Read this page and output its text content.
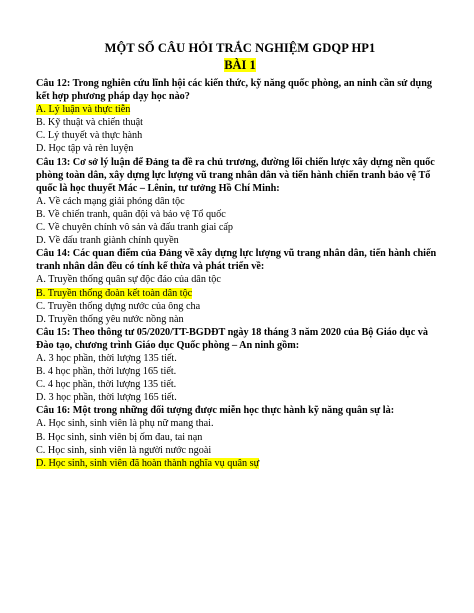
MỘT SỐ CÂU HỎI TRẮC NGHIỆM GDQP HP1

BÀI 1

Câu 12: Trong nghiên cứu lĩnh hội các kiến thức, kỹ năng quốc phòng, an ninh cần sử dụng kết hợp phương pháp dạy học nào?

A. Lý luận và thực tiễn

B. Kỹ thuật và chiến thuật

C. Lý thuyết và thực hành

D. Học tập và rèn luyện

Câu 13: Cơ sở lý luận để Đảng ta đề ra chủ trương, đường lối chiến lược xây dựng nền quốc phòng toàn dân, xây dựng lực lượng vũ trang nhân dân và tiến hành chiến tranh bảo vệ Tổ quốc là học thuyết Mác – Lênin, tư tưởng Hồ Chí Minh:

A. Về cách mạng giải phóng dân tộc

B. Về chiến tranh, quân đội và bảo vệ Tổ quốc

C. Về chuyên chính vô sản và đấu tranh giai cấp

D. Về đấu tranh giành chính quyền

Câu 14: Các quan điểm của Đảng về xây dựng lực lượng vũ trang nhân dân, tiến hành chiến tranh nhân dân đều có tính kế thừa và phát triển về:

A. Truyền thống quân sự độc đáo của dân tộc

B. Truyền thống đoàn kết toàn dân tộc

C. Truyền thống dựng nước của ông cha

D. Truyền thống yêu nước nồng nàn

Câu 15: Theo thông tư 05/2020/TT-BGDĐT ngày 18 tháng 3 năm 2020 của Bộ Giáo dục và Đào tạo, chương trình Giáo dục Quốc phòng – An ninh gồm:

A. 3 học phần, thời lượng 135 tiết.

B. 4 học phần, thời lượng 165 tiết.

C. 4 học phần, thời lượng 135 tiết.

D. 3 học phần, thời lượng 165 tiết.

Câu 16: Một trong những đối tượng được miễn học thực hành kỹ năng quân sự là:

A. Học sinh, sinh viên là phụ nữ mang thai.

B. Học sinh, sinh viên bị ốm đau, tai nạn

C. Học sinh, sinh viên là người nước ngoài

D. Học sinh, sinh viên đã hoàn thành nghĩa vụ quân sự
